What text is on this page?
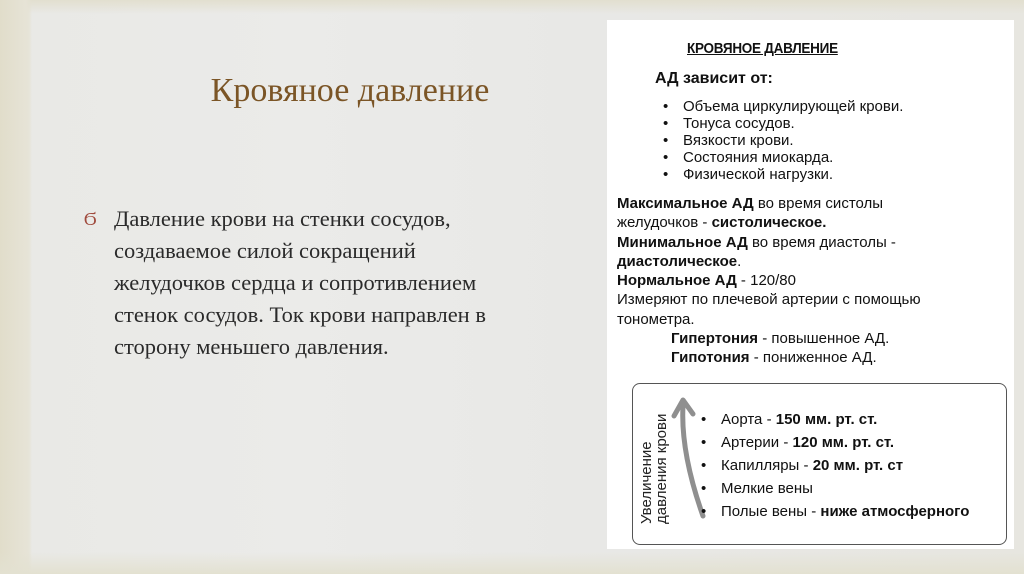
Кровяное давление
Ϭ Давление крови на стенки сосудов,
создаваемое силой сокращений
желудочков сердца и сопротивлением
стенок сосудов. Ток крови направлен в
сторону меньшего давления.
КРОВЯНОЕ ДАВЛЕНИЕ
АД зависит от:
• Объема циркулирующей крови.
• Тонуса сосудов.
• Вязкости крови.
• Состояния миокарда.
• Физической нагрузки.
Максимальное АД во время систолы
желудочков - систолическое.
Минимальное АД во время диастолы -
диастолическое.
Нормальное АД - 120/80
Измеряют по плечевой артерии с помощью
тонометра.
Гипертония - повышенное АД.
Гипотония - пониженное АД.
Увеличение
давления крови	• Аорта - 150 мм. рт. ст.
• Артерии - 120 мм. рт. ст.
• Капилляры - 20 мм. рт. ст
• Мелкие вены
• Полые вены - ниже атмосферного
